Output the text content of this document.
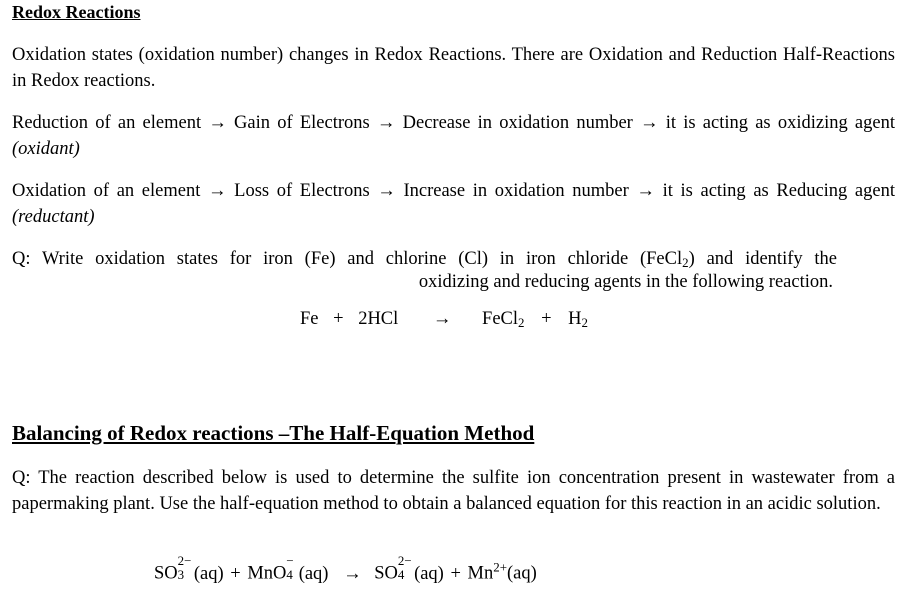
Redox Reactions
Oxidation states (oxidation number) changes in Redox Reactions. There are Oxidation and Reduction Half-Reactions in Redox reactions.
Reduction of an element → Gain of Electrons → Decrease in oxidation number → it is acting as oxidizing agent (oxidant)
Oxidation of an element → Loss of Electrons → Increase in oxidation number → it is acting as Reducing agent (reductant)
Q: Write oxidation states for iron (Fe) and chlorine (Cl) in iron chloride (FeCl$_2$) and identify the
oxidizing and reducing agents in the following reaction.
Fe + 2HCl → FeCl$_2$ + $H_2$
Balancing of Redox reactions –The Half-Equation Method
Q: The reaction described below is used to determine the sulfite ion concentration present in wastewater from a papermaking plant. Use the half-equation method to obtain a balanced equation for this reaction in an acidic solution.
SO
2−
3 (aq) + MnO
−
4 (aq) → SO
2−
4 $(aq) + Mn^{2+}(aq)$
